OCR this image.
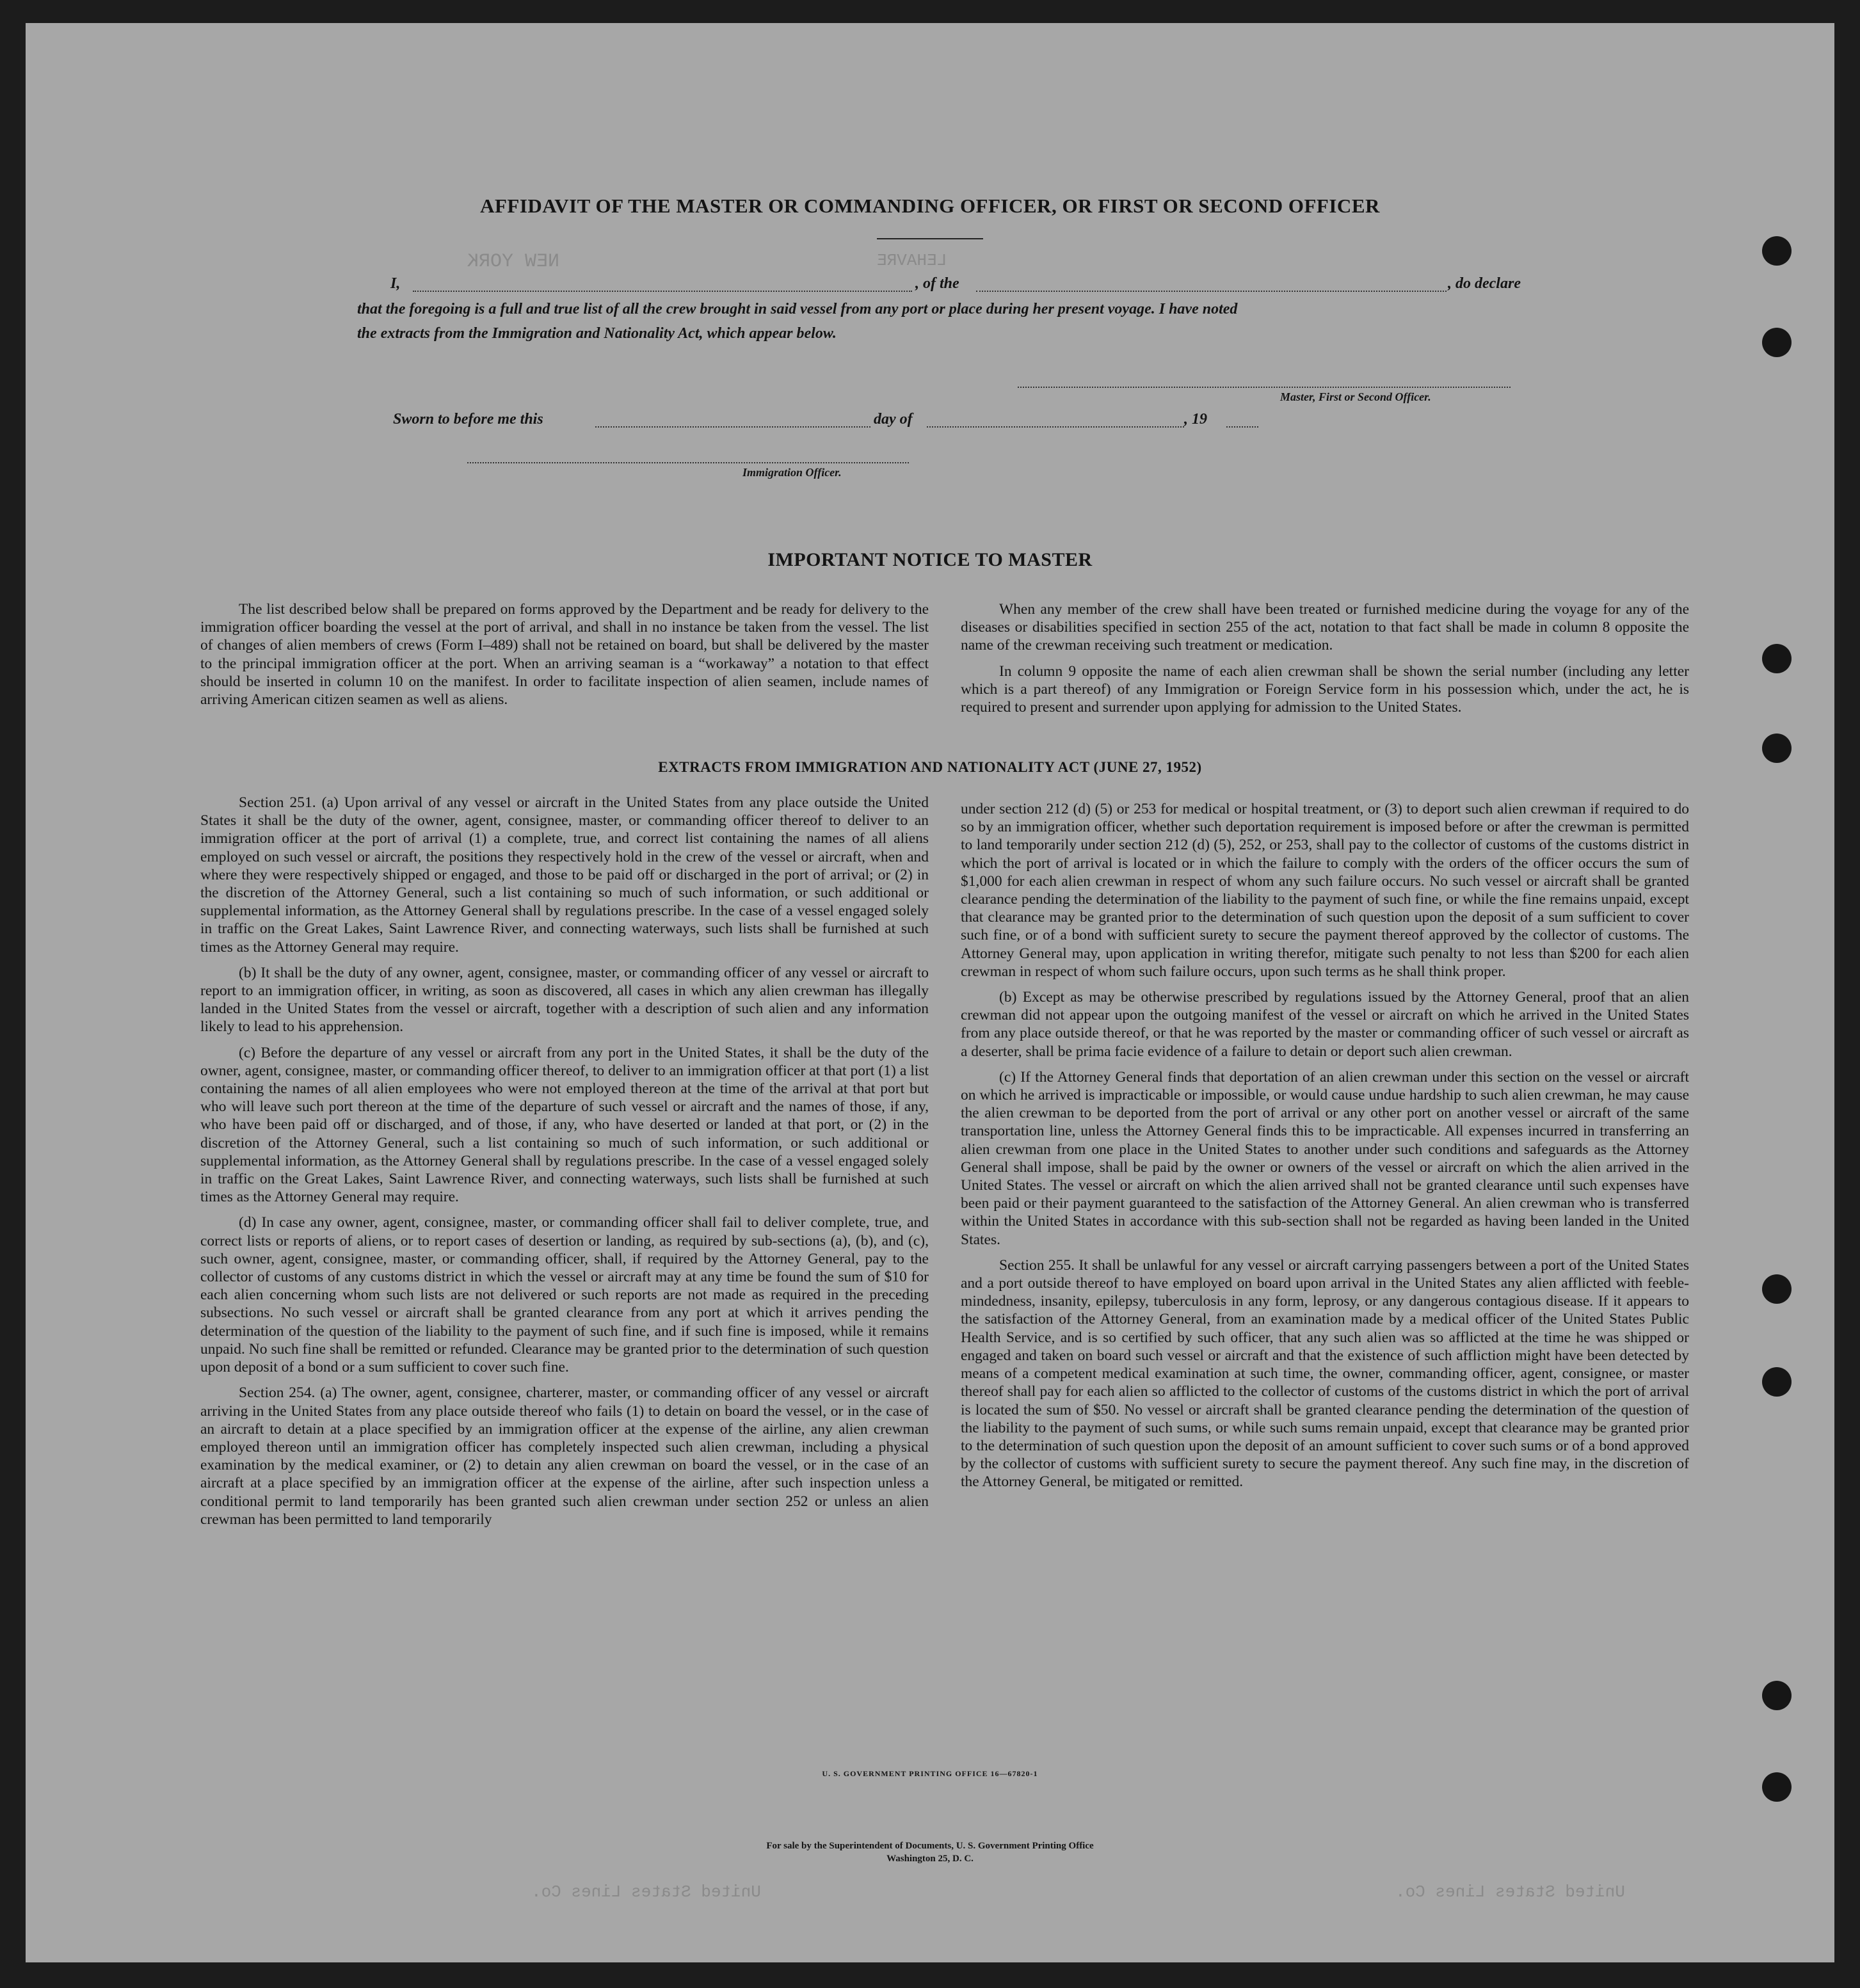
NEW YORK	LEHAVRE
United States Lines Co.	United States Lines Co.
AFFIDAVIT OF THE MASTER OR COMMANDING OFFICER, OR FIRST OR SECOND OFFICER
I,	, of the	, do declare
that the foregoing is a full and true list of all the crew brought in said vessel from any port or place during her present voyage. I have noted
the extracts from the Immigration and Nationality Act, which appear below.
Master, First or Second Officer.
Sworn to before me this	day of	, 19
Immigration Officer.
IMPORTANT NOTICE TO MASTER

The list described below shall be prepared on forms approved by the Department and be ready for delivery to the immigration officer boarding the vessel at the port of arrival, and shall in no instance be taken from the vessel. The list of changes of alien members of crews (Form I–489) shall not be retained on board, but shall be delivered by the master to the principal immigration officer at the port. When an arriving seaman is a “workaway” a notation to that effect should be inserted in column 10 on the manifest. In order to facilitate inspection of alien seamen, include names of arriving American citizen seamen as well as aliens.

When any member of the crew shall have been treated or furnished medicine during the voyage for any of the diseases or disabilities specified in section 255 of the act, notation to that fact shall be made in column 8 opposite the name of the crewman receiving such treatment or medication.

In column 9 opposite the name of each alien crewman shall be shown the serial number (including any letter which is a part thereof) of any Immigration or Foreign Service form in his possession which, under the act, he is required to present and surrender upon applying for admission to the United States.

EXTRACTS FROM IMMIGRATION AND NATIONALITY ACT (JUNE 27, 1952)

Section 251. (a) Upon arrival of any vessel or aircraft in the United States from any place outside the United States it shall be the duty of the owner, agent, consignee, master, or commanding officer thereof to deliver to an immigration officer at the port of arrival (1) a complete, true, and correct list containing the names of all aliens employed on such vessel or aircraft, the positions they respectively hold in the crew of the vessel or aircraft, when and where they were respectively shipped or engaged, and those to be paid off or discharged in the port of arrival; or (2) in the discretion of the Attorney General, such a list containing so much of such information, or such additional or supplemental information, as the Attorney General shall by regulations prescribe. In the case of a vessel engaged solely in traffic on the Great Lakes, Saint Lawrence River, and connecting waterways, such lists shall be furnished at such times as the Attorney General may require.

(b) It shall be the duty of any owner, agent, consignee, master, or commanding officer of any vessel or aircraft to report to an immigration officer, in writing, as soon as discovered, all cases in which any alien crewman has illegally landed in the United States from the vessel or aircraft, together with a description of such alien and any information likely to lead to his apprehension.

(c) Before the departure of any vessel or aircraft from any port in the United States, it shall be the duty of the owner, agent, consignee, master, or commanding officer thereof, to deliver to an immigration officer at that port (1) a list containing the names of all alien employees who were not employed thereon at the time of the arrival at that port but who will leave such port thereon at the time of the departure of such vessel or aircraft and the names of those, if any, who have been paid off or discharged, and of those, if any, who have deserted or landed at that port, or (2) in the discretion of the Attorney General, such a list containing so much of such information, or such additional or supplemental information, as the Attorney General shall by regulations prescribe. In the case of a vessel engaged solely in traffic on the Great Lakes, Saint Lawrence River, and connecting waterways, such lists shall be furnished at such times as the Attorney General may require.

(d) In case any owner, agent, consignee, master, or commanding officer shall fail to deliver complete, true, and correct lists or reports of aliens, or to report cases of desertion or landing, as required by sub-sections (a), (b), and (c), such owner, agent, consignee, master, or commanding officer, shall, if required by the Attorney General, pay to the collector of customs of any customs district in which the vessel or aircraft may at any time be found the sum of $10 for each alien concerning whom such lists are not delivered or such reports are not made as required in the preceding subsections. No such vessel or aircraft shall be granted clearance from any port at which it arrives pending the determination of the question of the liability to the payment of such fine, and if such fine is imposed, while it remains unpaid. No such fine shall be remitted or refunded. Clearance may be granted prior to the determination of such question upon deposit of a bond or a sum sufficient to cover such fine.

Section 254. (a) The owner, agent, consignee, charterer, master, or commanding officer of any vessel or aircraft arriving in the United States from any place outside thereof who fails (1) to detain on board the vessel, or in the case of an aircraft to detain at a place specified by an immigration officer at the expense of the airline, any alien crewman employed thereon until an immigration officer has completely inspected such alien crewman, including a physical examination by the medical examiner, or (2) to detain any alien crewman on board the vessel, or in the case of an aircraft at a place specified by an immigration officer at the expense of the airline, after such inspection unless a conditional permit to land temporarily has been granted such alien crewman under section 252 or unless an alien crewman has been permitted to land temporarily

under section 212 (d) (5) or 253 for medical or hospital treatment, or (3) to deport such alien crewman if required to do so by an immigration officer, whether such deportation requirement is imposed before or after the crewman is permitted to land temporarily under section 212 (d) (5), 252, or 253, shall pay to the collector of customs of the customs district in which the port of arrival is located or in which the failure to comply with the orders of the officer occurs the sum of $1,000 for each alien crewman in respect of whom any such failure occurs. No such vessel or aircraft shall be granted clearance pending the determination of the liability to the payment of such fine, or while the fine remains unpaid, except that clearance may be granted prior to the determination of such question upon the deposit of a sum sufficient to cover such fine, or of a bond with sufficient surety to secure the payment thereof approved by the collector of customs. The Attorney General may, upon application in writing therefor, mitigate such penalty to not less than $200 for each alien crewman in respect of whom such failure occurs, upon such terms as he shall think proper.

(b) Except as may be otherwise prescribed by regulations issued by the Attorney General, proof that an alien crewman did not appear upon the outgoing manifest of the vessel or aircraft on which he arrived in the United States from any place outside thereof, or that he was reported by the master or commanding officer of such vessel or aircraft as a deserter, shall be prima facie evidence of a failure to detain or deport such alien crewman.

(c) If the Attorney General finds that deportation of an alien crewman under this section on the vessel or aircraft on which he arrived is impracticable or impossible, or would cause undue hardship to such alien crewman, he may cause the alien crewman to be deported from the port of arrival or any other port on another vessel or aircraft of the same transportation line, unless the Attorney General finds this to be impracticable. All expenses incurred in transferring an alien crewman from one place in the United States to another under such conditions and safeguards as the Attorney General shall impose, shall be paid by the owner or owners of the vessel or aircraft on which the alien arrived in the United States. The vessel or aircraft on which the alien arrived shall not be granted clearance until such expenses have been paid or their payment guaranteed to the satisfaction of the Attorney General. An alien crewman who is transferred within the United States in accordance with this sub-section shall not be regarded as having been landed in the United States.

Section 255. It shall be unlawful for any vessel or aircraft carrying passengers between a port of the United States and a port outside thereof to have employed on board upon arrival in the United States any alien afflicted with feeble-mindedness, insanity, epilepsy, tuberculosis in any form, leprosy, or any dangerous contagious disease. If it appears to the satisfaction of the Attorney General, from an examination made by a medical officer of the United States Public Health Service, and is so certified by such officer, that any such alien was so afflicted at the time he was shipped or engaged and taken on board such vessel or aircraft and that the existence of such affliction might have been detected by means of a competent medical examination at such time, the owner, commanding officer, agent, consignee, or master thereof shall pay for each alien so afflicted to the collector of customs of the customs district in which the port of arrival is located the sum of $50. No vessel or aircraft shall be granted clearance pending the determination of the question of the liability to the payment of such sums, or while such sums remain unpaid, except that clearance may be granted prior to the determination of such question upon the deposit of an amount sufficient to cover such sums or of a bond approved by the collector of customs with sufficient surety to secure the payment thereof. Any such fine may, in the discretion of the Attorney General, be mitigated or remitted.

U. S. GOVERNMENT PRINTING OFFICE 16—67820-1
For sale by the Superintendent of Documents, U. S. Government Printing Office
Washington 25, D. C.
